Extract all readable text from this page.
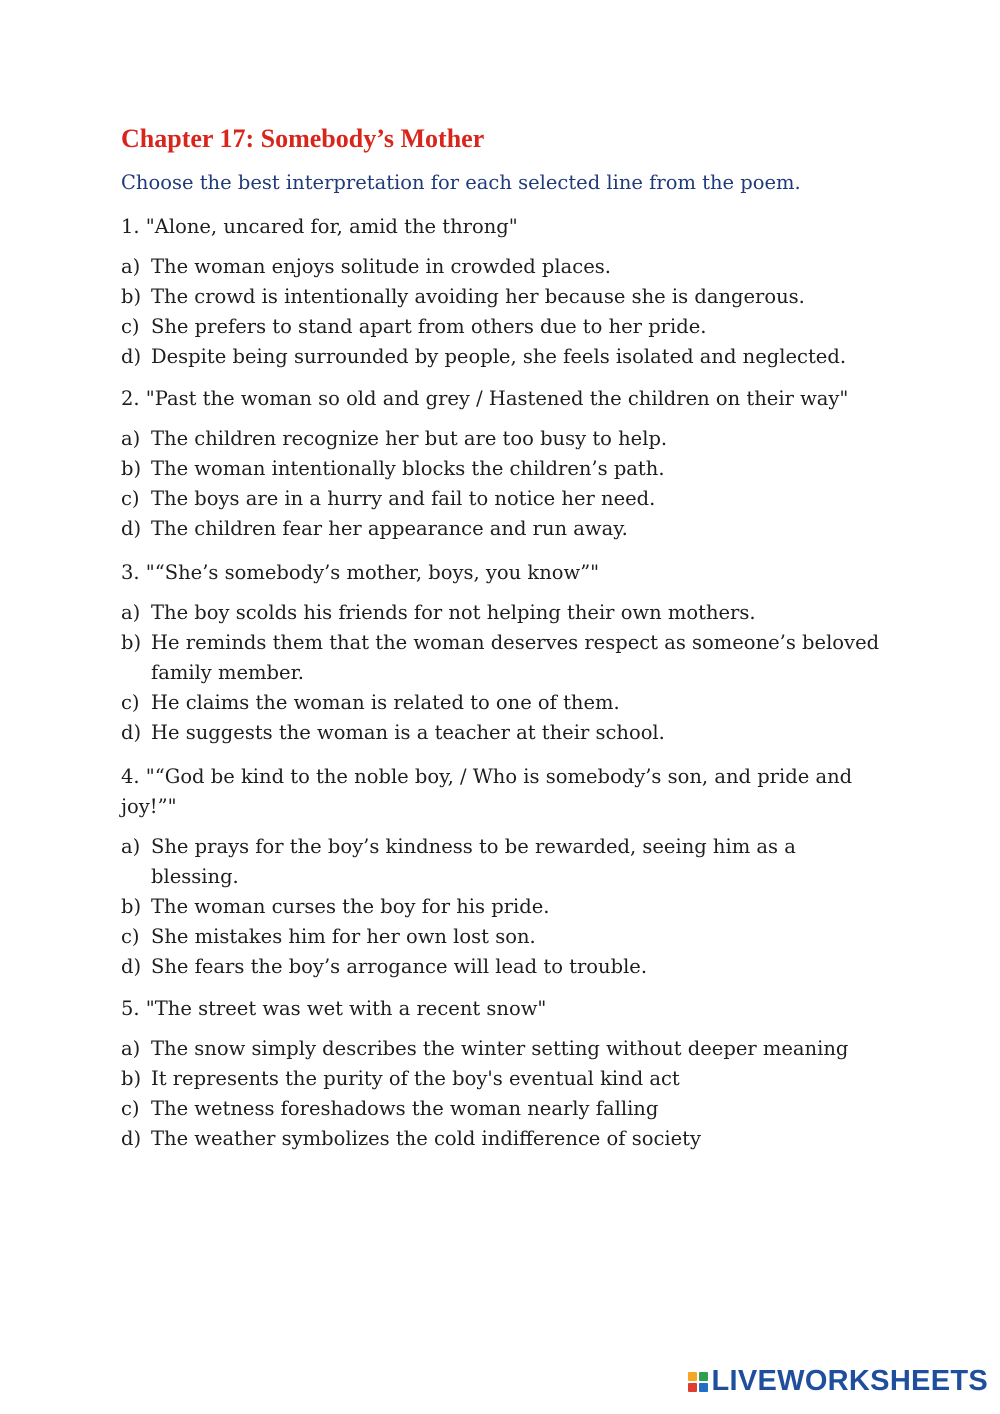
Chapter 17: Somebody’s Mother

Choose the best interpretation for each selected line from the poem.

1. "Alone, uncared for, amid the throng"

a) The woman enjoys solitude in crowded places.
b) The crowd is intentionally avoiding her because she is dangerous.
c) She prefers to stand apart from others due to her pride.
d) Despite being surrounded by people, she feels isolated and neglected.

2. "Past the woman so old and grey / Hastened the children on their way"

a) The children recognize her but are too busy to help.
b) The woman intentionally blocks the children’s path.
c) The boys are in a hurry and fail to notice her need.
d) The children fear her appearance and run away.

3. "“She’s somebody’s mother, boys, you know”"

a) The boy scolds his friends for not helping their own mothers.
b) He reminds them that the woman deserves respect as someone’s beloved family member.
c) He claims the woman is related to one of them.
d) He suggests the woman is a teacher at their school.

4. "“God be kind to the noble boy, / Who is somebody’s son, and pride and joy!”"

a) She prays for the boy’s kindness to be rewarded, seeing him as a blessing.
b) The woman curses the boy for his pride.
c) She mistakes him for her own lost son.
d) She fears the boy’s arrogance will lead to trouble.

5. "The street was wet with a recent snow"

a) The snow simply describes the winter setting without deeper meaning
b) It represents the purity of the boy's eventual kind act
c) The wetness foreshadows the woman nearly falling
d) The weather symbolizes the cold indifference of society
LIVEWORKSHEETS
